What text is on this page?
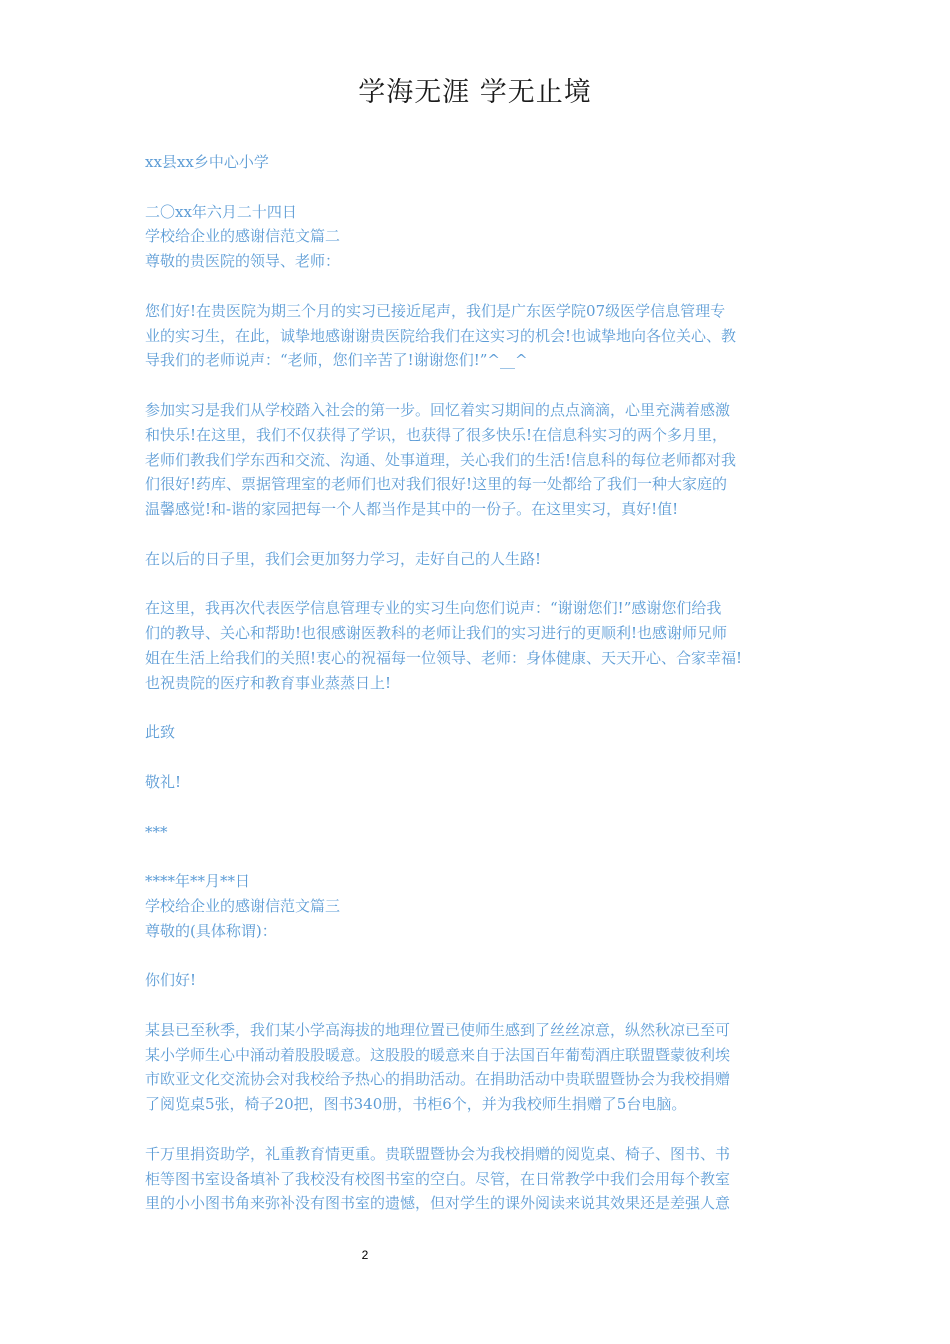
学海无涯 学无止境

xx县xx乡中心小学

二〇xx年六月二十四日

学校给企业的感谢信范文篇二

尊敬的贵医院的领导、老师：

您们好!在贵医院为期三个月的实习已接近尾声，我们是广东医学院07级医学信息管理专

业的实习生，在此，诚挚地感谢谢贵医院给我们在这实习的机会!也诚挚地向各位关心、教

导我们的老师说声：“老师，您们辛苦了!谢谢您们!”^__^

参加实习是我们从学校踏入社会的第一步。回忆着实习期间的点点滴滴，心里充满着感激

和快乐!在这里，我们不仅获得了学识，也获得了很多快乐!在信息科实习的两个多月里，

老师们教我们学东西和交流、沟通、处事道理，关心我们的生活!信息科的每位老师都对我

们很好!药库、票据管理室的老师们也对我们很好!这里的每一处都给了我们一种大家庭的

温馨感觉!和-谐的家园把每一个人都当作是其中的一份子。在这里实习，真好!值!

在以后的日子里，我们会更加努力学习，走好自己的人生路!

在这里，我再次代表医学信息管理专业的实习生向您们说声：“谢谢您们!”感谢您们给我

们的教导、关心和帮助!也很感谢医教科的老师让我们的实习进行的更顺利!也感谢师兄师

姐在生活上给我们的关照!衷心的祝福每一位领导、老师：身体健康、天天开心、合家幸福!

也祝贵院的医疗和教育事业蒸蒸日上!

此致

敬礼!

***

****年**月**日

学校给企业的感谢信范文篇三

尊敬的(具体称谓)：

你们好!

某县已至秋季，我们某小学高海拔的地理位置已使师生感到了丝丝凉意，纵然秋凉已至可

某小学师生心中涌动着股股暖意。这股股的暖意来自于法国百年葡萄酒庄联盟暨蒙彼利埃

市欧亚文化交流协会对我校给予热心的捐助活动。在捐助活动中贵联盟暨协会为我校捐赠

了阅览桌5张，椅子20把，图书340册，书柜6个，并为我校师生捐赠了5台电脑。

千万里捐资助学，礼重教育情更重。贵联盟暨协会为我校捐赠的阅览桌、椅子、图书、书

柜等图书室设备填补了我校没有校图书室的空白。尽管，在日常教学中我们会用每个教室

里的小小图书角来弥补没有图书室的遗憾，但对学生的课外阅读来说其效果还是差强人意

2
